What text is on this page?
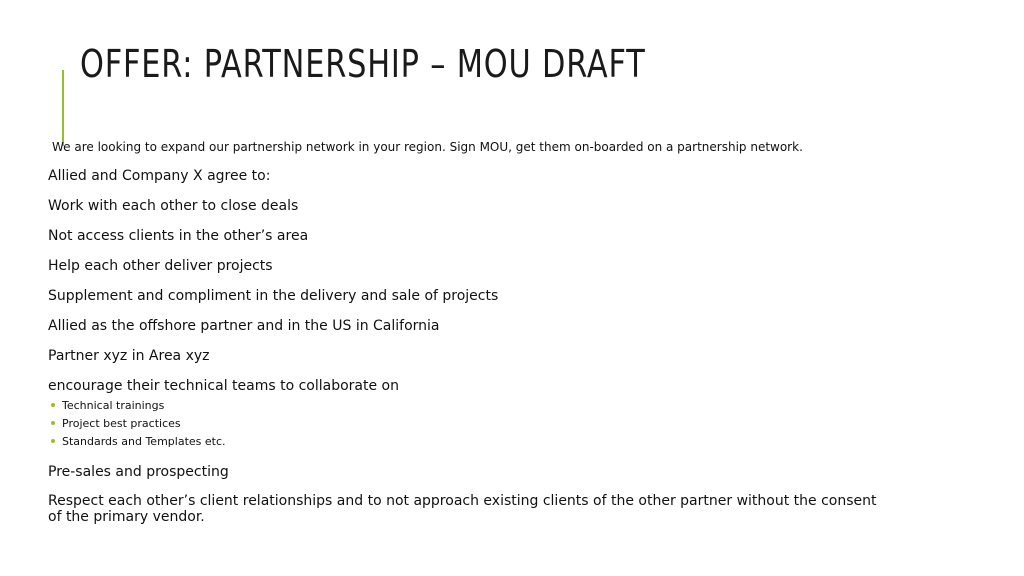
OFFER: PARTNERSHIP – MOU DRAFT
We are looking to expand our partnership network in your region. Sign MOU, get them on-boarded on a partnership network.
Allied and Company X agree to:
Work with each other to close deals
Not access clients in the other’s area
Help each other deliver projects
Supplement and compliment in the delivery and sale of projects
Allied as the offshore partner and in the US in California
Partner xyz in Area xyz
encourage their technical teams to collaborate on
Technical trainings
Project best practices
Standards and Templates etc.
Pre-sales and prospecting
Respect each other’s client relationships and to not approach existing clients of the other partner without the consent of the primary vendor.
